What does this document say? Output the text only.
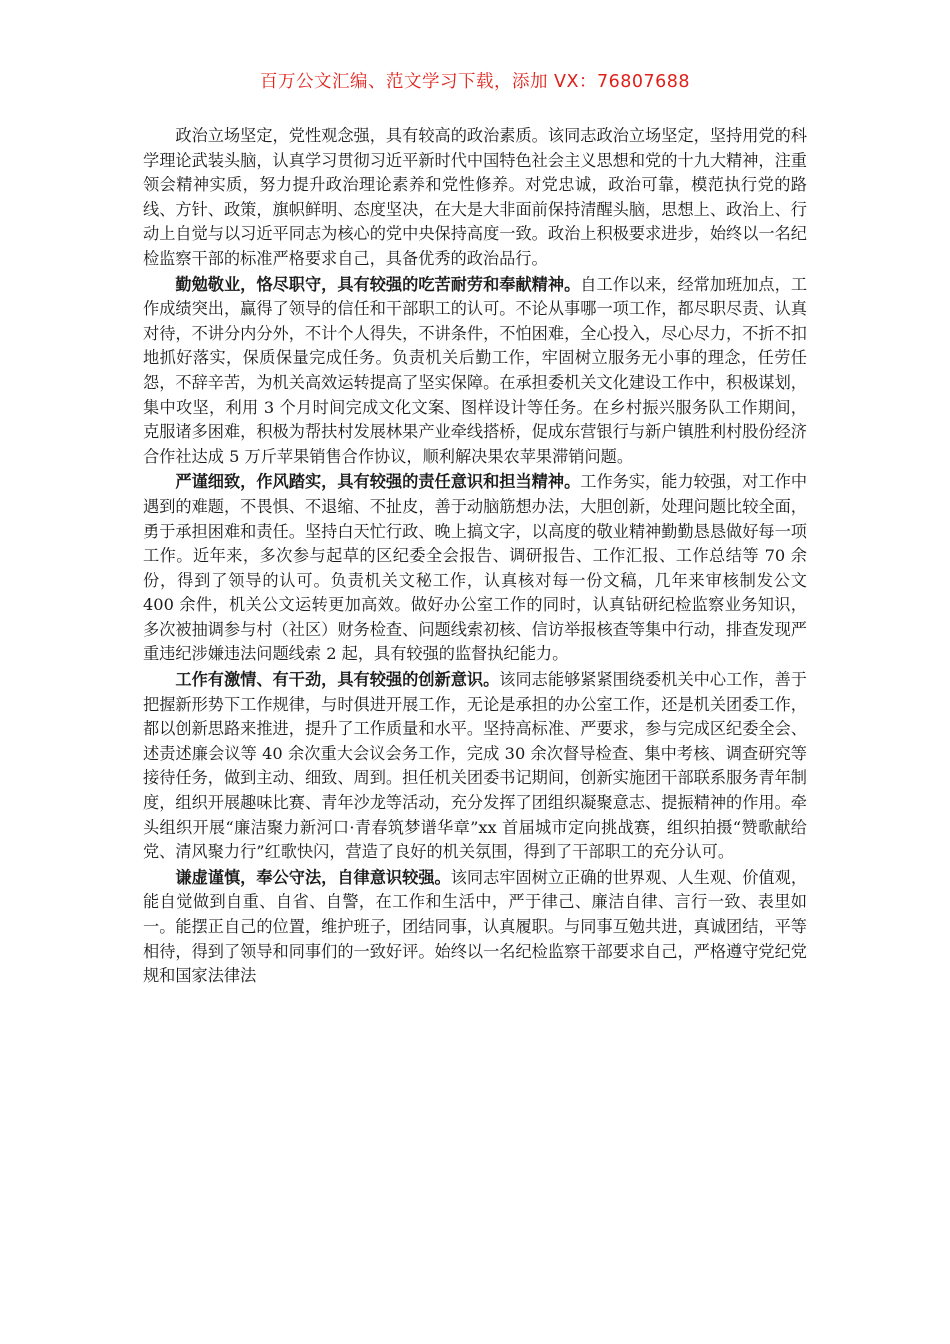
百万公文汇编、范文学习下载，添加 VX：76807688

政治立场坚定，党性观念强，具有较高的政治素质。该同志政治立场坚定，坚持用党的科学理论武装头脑，认真学习贯彻习近平新时代中国特色社会主义思想和党的十九大精神，注重领会精神实质，努力提升政治理论素养和党性修养。对党忠诚，政治可靠，模范执行党的路线、方针、政策，旗帜鲜明、态度坚决，在大是大非面前保持清醒头脑，思想上、政治上、行动上自觉与以习近平同志为核心的党中央保持高度一致。政治上积极要求进步，始终以一名纪检监察干部的标准严格要求自己，具备优秀的政治品行。

勤勉敬业，恪尽职守，具有较强的吃苦耐劳和奉献精神。自工作以来，经常加班加点，工作成绩突出，赢得了领导的信任和干部职工的认可。不论从事哪一项工作，都尽职尽责、认真对待，不讲分内分外，不计个人得失，不讲条件，不怕困难，全心投入，尽心尽力，不折不扣地抓好落实，保质保量完成任务。负责机关后勤工作，牢固树立服务无小事的理念，任劳任怨，不辞辛苦，为机关高效运转提高了坚实保障。在承担委机关文化建设工作中，积极谋划，集中攻坚，利用 3 个月时间完成文化文案、图样设计等任务。在乡村振兴服务队工作期间，克服诸多困难，积极为帮扶村发展林果产业牵线搭桥，促成东营银行与新户镇胜利村股份经济合作社达成 5 万斤苹果销售合作协议，顺利解决果农苹果滞销问题。

严谨细致，作风踏实，具有较强的责任意识和担当精神。工作务实，能力较强，对工作中遇到的难题，不畏惧、不退缩、不扯皮，善于动脑筋想办法，大胆创新，处理问题比较全面，勇于承担困难和责任。坚持白天忙行政、晚上搞文字，以高度的敬业精神勤勤恳恳做好每一项工作。近年来，多次参与起草的区纪委全会报告、调研报告、工作汇报、工作总结等 70 余份，得到了领导的认可。负责机关文秘工作，认真核对每一份文稿，几年来审核制发公文 400 余件，机关公文运转更加高效。做好办公室工作的同时，认真钻研纪检监察业务知识，多次被抽调参与村（社区）财务检查、问题线索初核、信访举报核查等集中行动，排查发现严重违纪涉嫌违法问题线索 2 起，具有较强的监督执纪能力。

工作有激情、有干劲，具有较强的创新意识。该同志能够紧紧围绕委机关中心工作，善于把握新形势下工作规律，与时俱进开展工作，无论是承担的办公室工作，还是机关团委工作，都以创新思路来推进，提升了工作质量和水平。坚持高标准、严要求，参与完成区纪委全会、述责述廉会议等 40 余次重大会议会务工作，完成 30 余次督导检查、集中考核、调查研究等接待任务，做到主动、细致、周到。担任机关团委书记期间，创新实施团干部联系服务青年制度，组织开展趣味比赛、青年沙龙等活动，充分发挥了团组织凝聚意志、提振精神的作用。牵头组织开展“廉洁聚力新河口·青春筑梦谱华章”xx 首届城市定向挑战赛，组织拍摄“赞歌献给党、清风聚力行”红歌快闪，营造了良好的机关氛围，得到了干部职工的充分认可。

谦虚谨慎，奉公守法，自律意识较强。该同志牢固树立正确的世界观、人生观、价值观，能自觉做到自重、自省、自警，在工作和生活中，严于律己、廉洁自律、言行一致、表里如一。能摆正自己的位置，维护班子，团结同事，认真履职。与同事互勉共进，真诚团结，平等相待，得到了领导和同事们的一致好评。始终以一名纪检监察干部要求自己，严格遵守党纪党规和国家法律法
